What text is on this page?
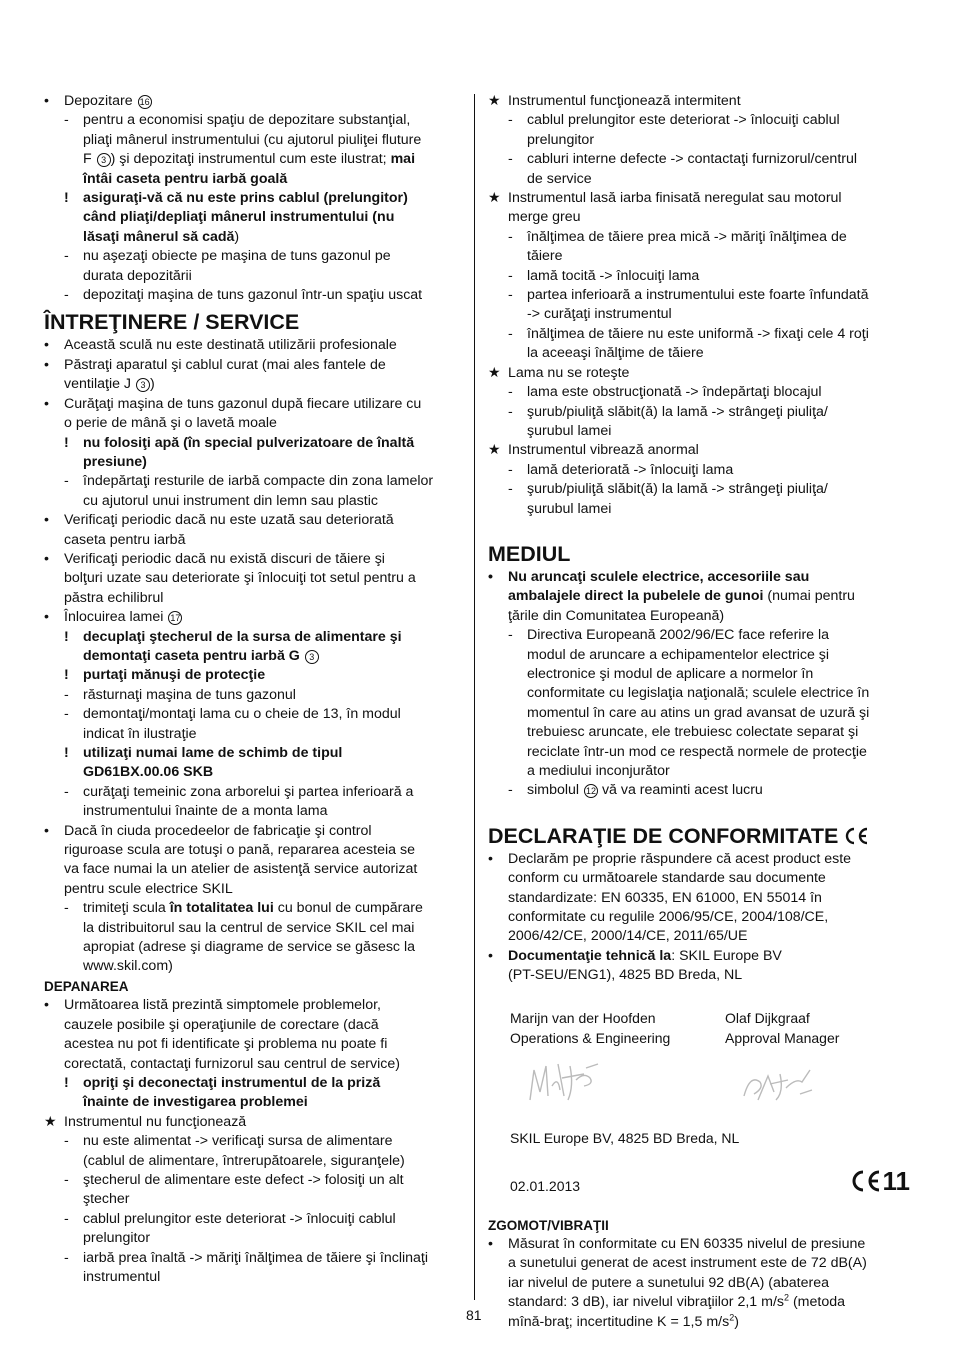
• Depozitare 16
- pentru a economisi spaţiu de depozitare substanţial,
pliaţi mânerul instrumentului (cu ajutorul piuliţei fluture
F 3 ) şi depozitaţi instrumentul cum este ilustrat; mai
întâi caseta pentru iarbă goală
! asiguraţi-vă că nu este prins cablul (prelungitor)
când pliaţi/depliaţi mânerul instrumentului (nu
lăsaţi mânerul să cadă)
- nu aşezaţi obiecte pe maşina de tuns gazonul pe
durata depozitării
- depozitaţi maşina de tuns gazonul într-un spaţiu uscat
ÎNTREŢINERE / SERVICE
• Această sculă nu este destinată utilizării profesionale
• Păstraţi aparatul şi cablul curat (mai ales fantele de
ventilaţie J 3 )
• Curăţaţi maşina de tuns gazonul după fiecare utilizare cu
o perie de mână şi o lavetă moale
! nu folosiţi apă (în special pulverizatoare de înaltă
presiune)
- îndepărtaţi resturile de iarbă compacte din zona lamelor
cu ajutorul unui instrument din lemn sau plastic
• Verificaţi periodic dacă nu este uzată sau deteriorată
caseta pentru iarbă
• Verificaţi periodic dacă nu există discuri de tăiere şi
bolţuri uzate sau deteriorate şi înlocuiţi tot setul pentru a
păstra echilibrul
• Înlocuirea lamei 17
! decuplaţi ştecherul de la sursa de alimentare şi
demontaţi caseta pentru iarbă G 3
! purtaţi mănuşi de protecţie
- răsturnaţi maşina de tuns gazonul
- demontaţi/montaţi lama cu o cheie de 13, în modul
indicat în ilustraţie
! utilizaţi numai lame de schimb de tipul
GD61BX.00.06 SKB
- curăţaţi temeinic zona arborelui şi partea inferioară a
instrumentului înainte de a monta lama
• Dacă în ciuda procedeelor de fabricaţie şi control
riguroase scula are totuşi o pană, repararea acesteia se
va face numai la un atelier de asistenţă service autorizat
pentru scule electrice SKIL
- trimiteţi scula în totalitatea lui cu bonul de cumpărare
la distribuitorul sau la centrul de service SKIL cel mai
apropiat (adrese şi diagrame de service se găsesc la
www.skil.com)
DEPANAREA
• Următoarea listă prezintă simptomele problemelor,
cauzele posibile şi operaţiunile de corectare (dacă
acestea nu pot fi identificate şi problema nu poate fi
corectată, contactaţi furnizorul sau centrul de service)
! opriţi şi deconectaţi instrumentul de la priză
înainte de investigarea problemei
★ Instrumentul nu funcţionează
- nu este alimentat -> verificaţi sursa de alimentare
(cablul de alimentare, întrerupătoarele, siguranţele)
- ştecherul de alimentare este defect -> folosiţi un alt
ştecher
- cablul prelungitor este deteriorat -> înlocuiţi cablul
prelungitor
- iarbă prea înaltă -> măriţi înălţimea de tăiere şi înclinaţi
instrumentul
★ Instrumentul funcţionează intermitent
- cablul prelungitor este deteriorat -> înlocuiţi cablul
prelungitor
- cabluri interne defecte -> contactaţi furnizorul/centrul
de service
★ Instrumentul lasă iarba finisată neregulat sau motorul
merge greu
- înălţimea de tăiere prea mică -> măriţi înălţimea de
tăiere
- lamă tocită -> înlocuiţi lama
- partea inferioară a instrumentului este foarte înfundată
-> curăţaţi instrumentul
- înălţimea de tăiere nu este uniformă -> fixaţi cele 4 roţi
la aceeaşi înălţime de tăiere
★ Lama nu se roteşte
- lama este obstrucţionată -> îndepărtaţi blocajul
- şurub/piuliţă slăbit(ă) la lamă -> strângeţi piuliţa/
şurubul lamei
★ Instrumentul vibrează anormal
- lamă deteriorată -> înlocuiţi lama
- şurub/piuliţă slăbit(ă) la lamă -> strângeţi piuliţa/
şurubul lamei
MEDIUL
• Nu aruncaţi sculele electrice, accesoriile sau
ambalajele direct la pubelele de gunoi (numai pentru
ţările din Comunitatea Europeană)
- Directiva Europeană 2002/96/EC face referire la
modul de aruncare a echipamentelor electrice şi
electronice şi modul de aplicare a normelor în
conformitate cu legislaţia naţională; sculele electrice în
momentul în care au atins un grad avansat de uzură şi
trebuiesc aruncate, ele trebuiesc colectate separat şi
reciclate într-un mod ce respectă normele de protecţie
a mediului inconjurător
- simbolul 12 vă va reaminti acest lucru
DECLARAŢIE DE CONFORMITATE
• Declarăm pe proprie răspundere că acest product este
conform cu următoarele standarde sau documente
standardizate: EN 60335, EN 61000, EN 55014 în
conformitate cu regulile 2006/95/CE, 2004/108/CE,
2006/42/CE, 2000/14/CE, 2011/65/UE
• Documentaţie tehnică la: SKIL Europe BV
(PT-SEU/ENG1), 4825 BD Breda, NL
Marijn van der Hoofden
Operations & Engineering
Olaf Dijkgraaf
Approval Manager
SKIL Europe BV, 4825 BD Breda, NL
02.01.2013	11
ZGOMOT/VIBRAŢII
• Măsurat în conformitate cu EN 60335 nivelul de presiune
a sunetului generat de acest instrument este de 72 dB(A)
iar nivelul de putere a sunetului 92 dB(A) (abaterea
standard: 3 dB), iar nivelul vibraţiilor 2,1 $m/s^2$ (metoda
mînă-braţ; incertitudine K = 1,5 $m/s^2$)
81
